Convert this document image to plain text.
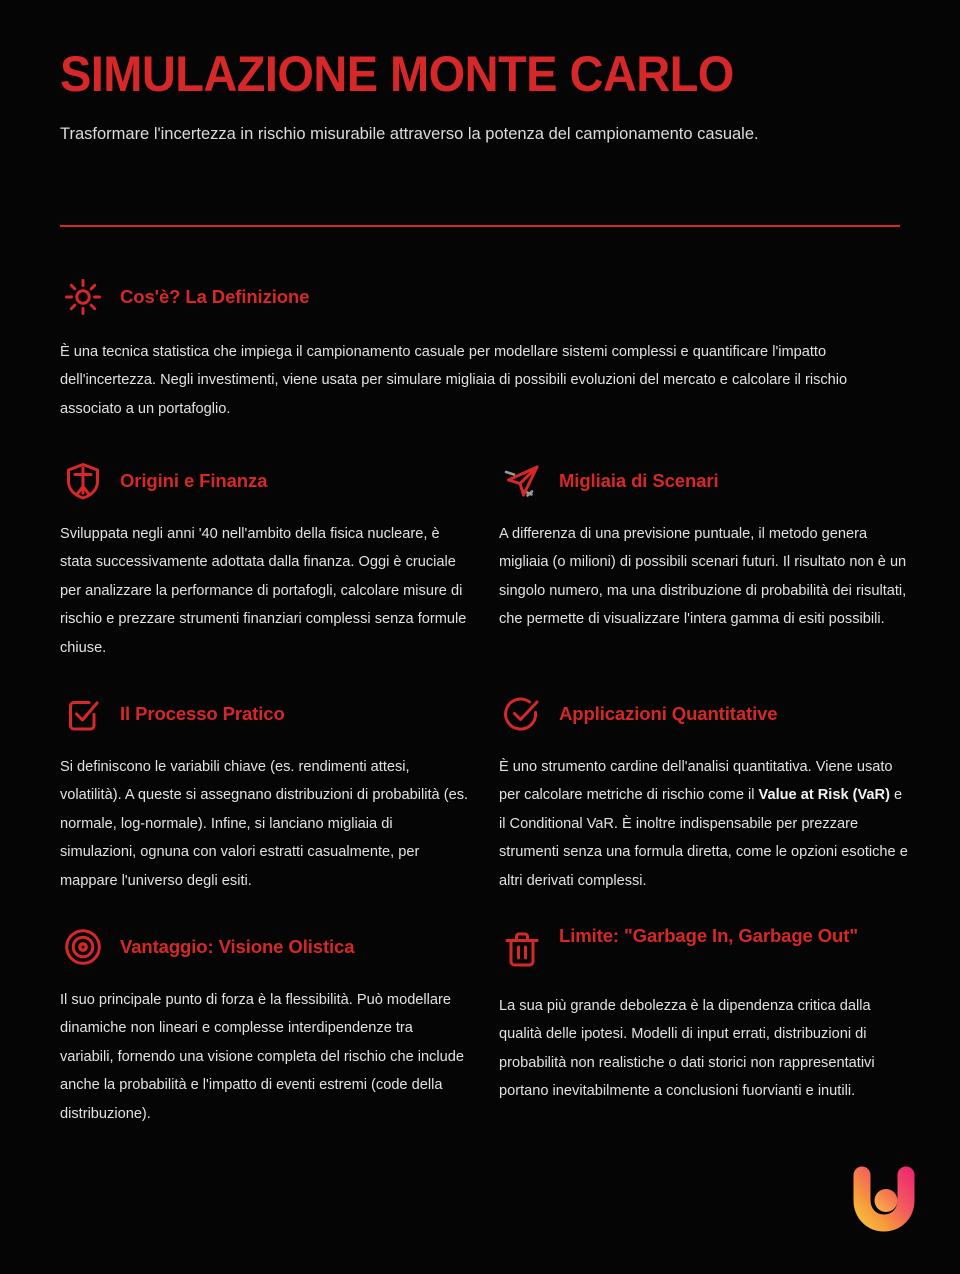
SIMULAZIONE MONTE CARLO

Trasformare l'incertezza in rischio misurabile attraverso la potenza del campionamento casuale.

Cos'è? La Definizione

È una tecnica statistica che impiega il campionamento casuale per modellare sistemi complessi e quantificare l'impatto dell'incertezza. Negli investimenti, viene usata per simulare migliaia di possibili evoluzioni del mercato e calcolare il rischio associato a un portafoglio.

Origini e Finanza

Sviluppata negli anni '40 nell'ambito della fisica nucleare, è stata successivamente adottata dalla finanza. Oggi è cruciale per analizzare la performance di portafogli, calcolare misure di rischio e prezzare strumenti finanziari complessi senza formule chiuse.

Migliaia di Scenari

A differenza di una previsione puntuale, il metodo genera migliaia (o milioni) di possibili scenari futuri. Il risultato non è un singolo numero, ma una distribuzione di probabilità dei risultati, che permette di visualizzare l'intera gamma di esiti possibili.

Il Processo Pratico

Si definiscono le variabili chiave (es. rendimenti attesi, volatilità). A queste si assegnano distribuzioni di probabilità (es. normale, log-normale). Infine, si lanciano migliaia di simulazioni, ognuna con valori estratti casualmente, per mappare l'universo degli esiti.

Applicazioni Quantitative

È uno strumento cardine dell'analisi quantitativa. Viene usato per calcolare metriche di rischio come il Value at Risk (VaR) e il Conditional VaR. È inoltre indispensabile per prezzare strumenti senza una formula diretta, come le opzioni esotiche e altri derivati complessi.

Vantaggio: Visione Olistica

Il suo principale punto di forza è la flessibilità. Può modellare dinamiche non lineari e complesse interdipendenze tra variabili, fornendo una visione completa del rischio che include anche la probabilità e l'impatto di eventi estremi (code della distribuzione).

Limite: "Garbage In, Garbage Out"

La sua più grande debolezza è la dipendenza critica dalla qualità delle ipotesi. Modelli di input errati, distribuzioni di probabilità non realistiche o dati storici non rappresentativi portano inevitabilmente a conclusioni fuorvianti e inutili.
